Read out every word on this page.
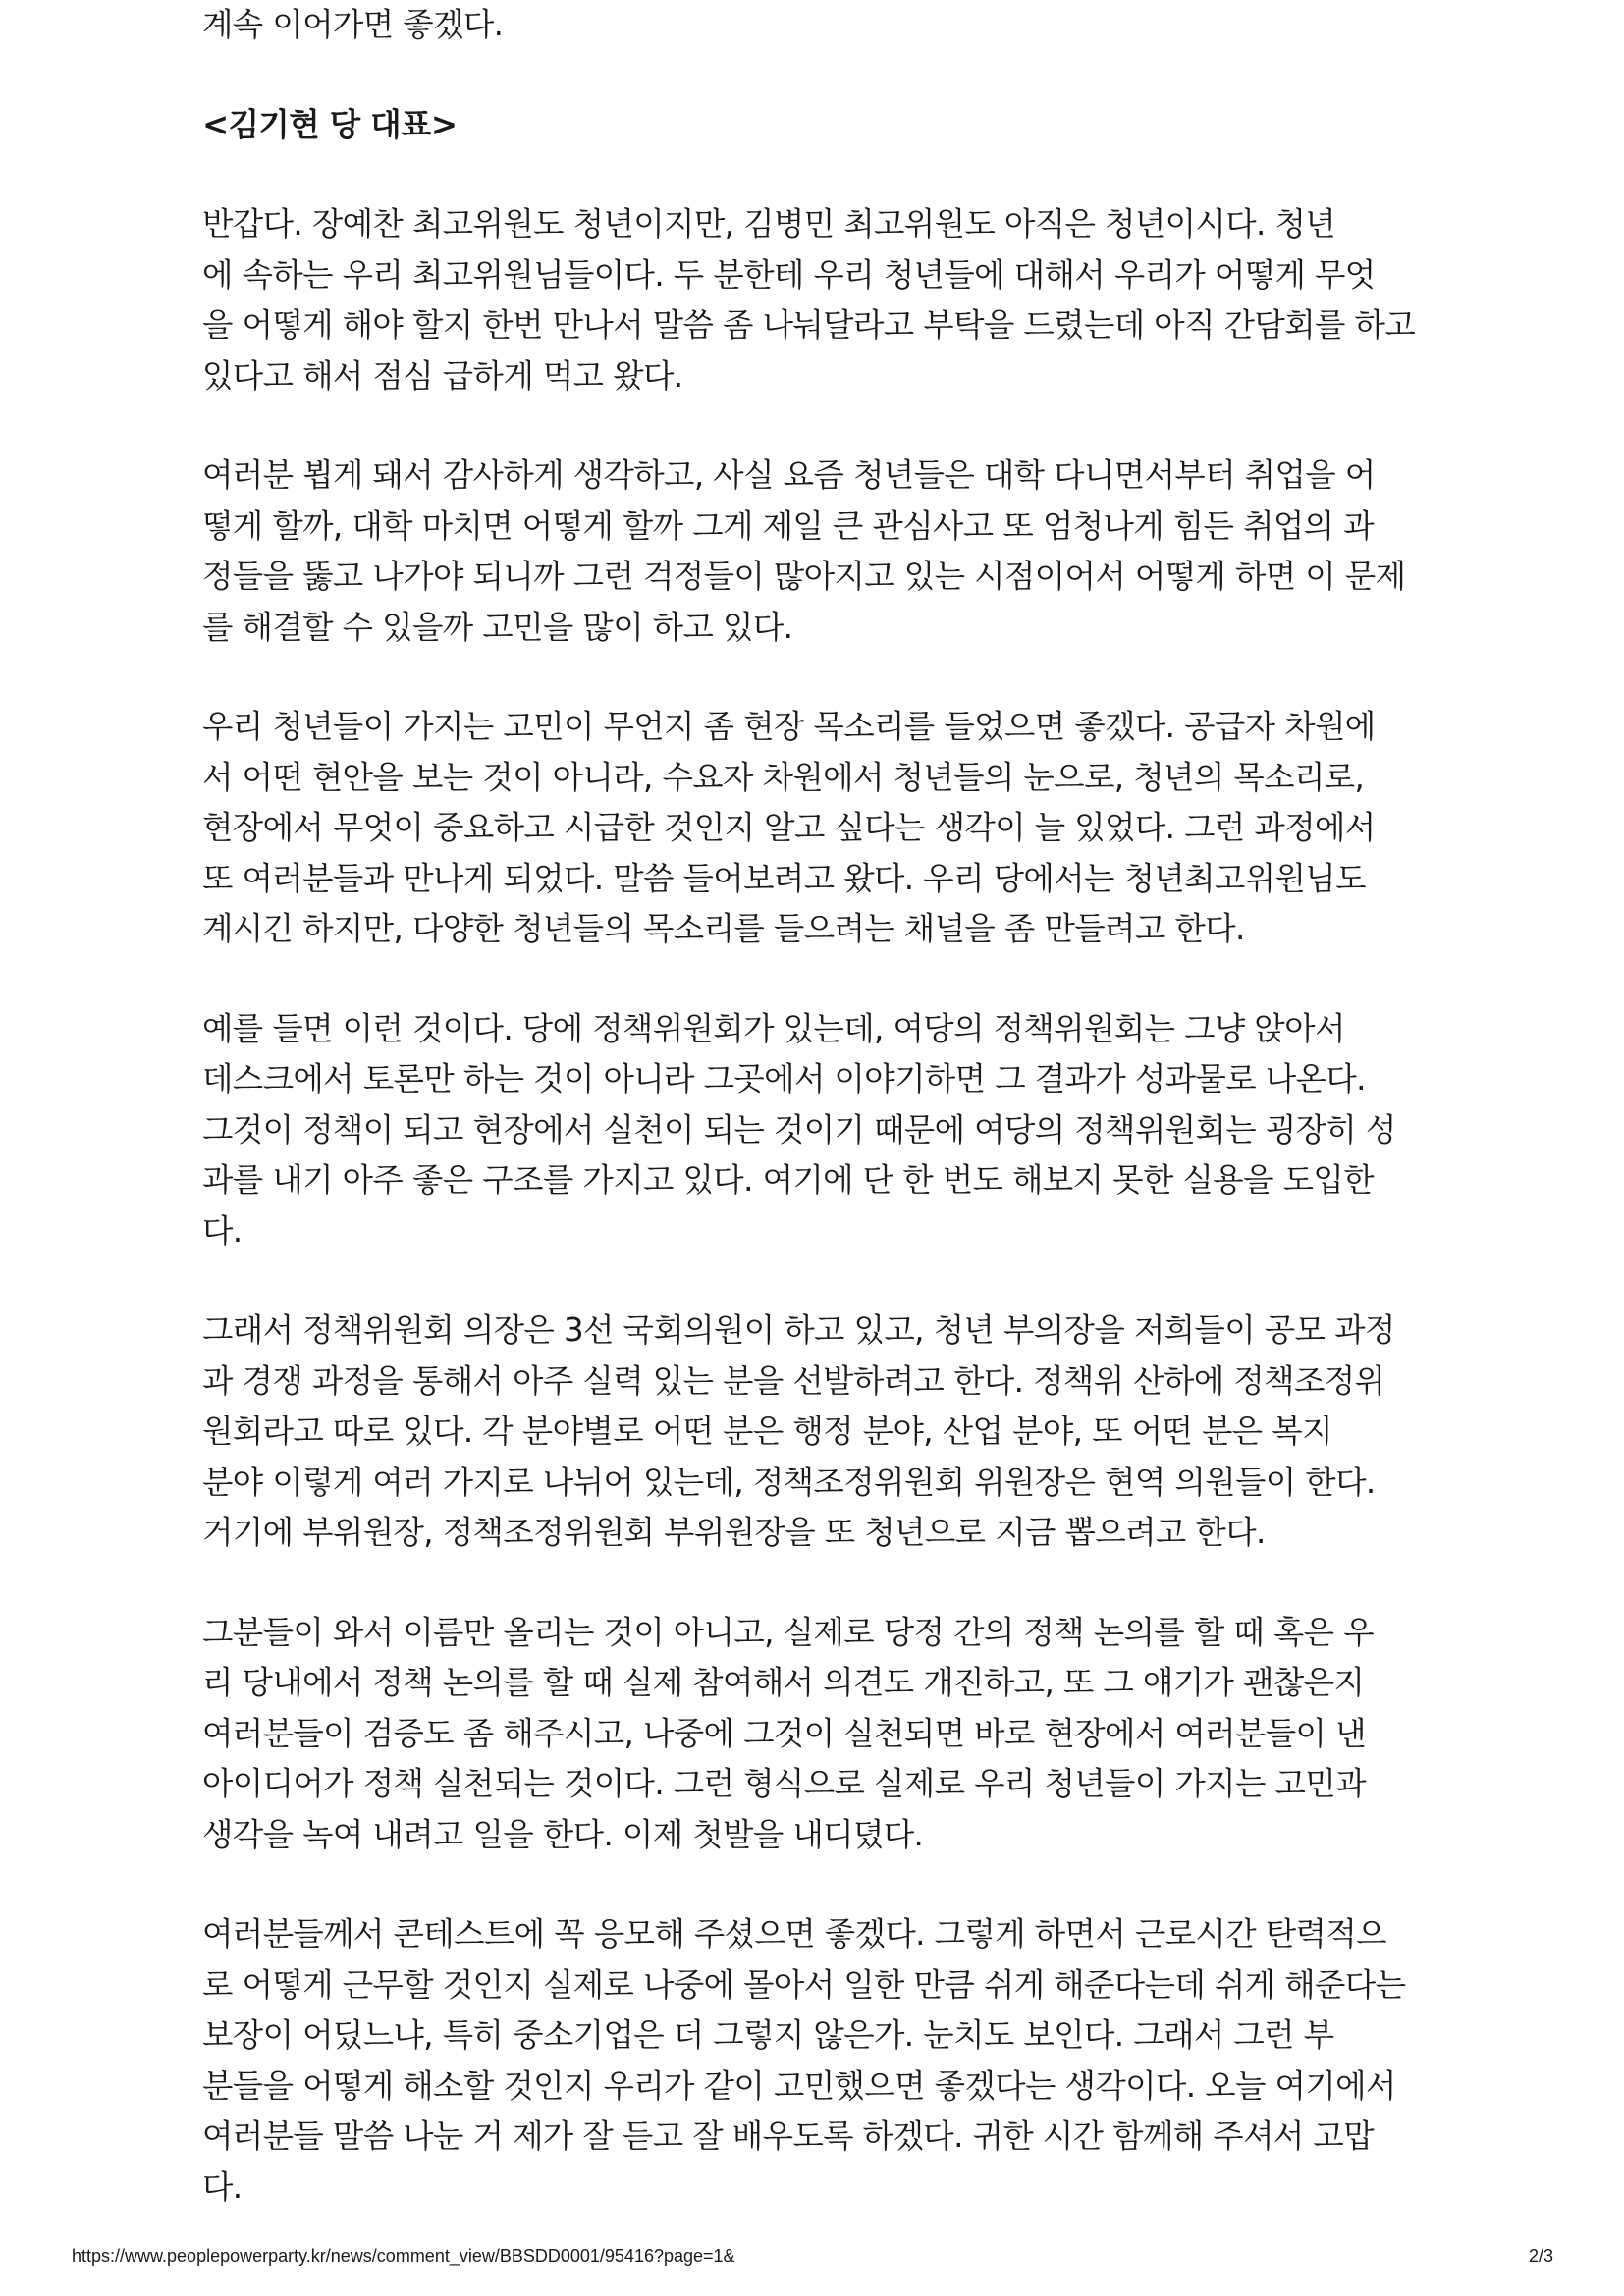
계속 이어가면 좋겠다.
<김기현 당 대표>
반갑다. 장예찬 최고위원도 청년이지만, 김병민 최고위원도 아직은 청년이시다. 청년
에 속하는 우리 최고위원님들이다. 두 분한테 우리 청년들에 대해서 우리가 어떻게 무엇
을 어떻게 해야 할지 한번 만나서 말씀 좀 나눠달라고 부탁을 드렸는데 아직 간담회를 하고
있다고 해서 점심 급하게 먹고 왔다.
여러분 뵙게 돼서 감사하게 생각하고, 사실 요즘 청년들은 대학 다니면서부터 취업을 어
떻게 할까, 대학 마치면 어떻게 할까 그게 제일 큰 관심사고 또 엄청나게 힘든 취업의 과
정들을 뚫고 나가야 되니까 그런 걱정들이 많아지고 있는 시점이어서 어떻게 하면 이 문제
를 해결할 수 있을까 고민을 많이 하고 있다.
우리 청년들이 가지는 고민이 무언지 좀 현장 목소리를 들었으면 좋겠다. 공급자 차원에
서 어떤 현안을 보는 것이 아니라, 수요자 차원에서 청년들의 눈으로, 청년의 목소리로,
현장에서 무엇이 중요하고 시급한 것인지 알고 싶다는 생각이 늘 있었다. 그런 과정에서
또 여러분들과 만나게 되었다. 말씀 들어보려고 왔다. 우리 당에서는 청년최고위원님도
계시긴 하지만, 다양한 청년들의 목소리를 들으려는 채널을 좀 만들려고 한다.
예를 들면 이런 것이다. 당에 정책위원회가 있는데, 여당의 정책위원회는 그냥 앉아서
데스크에서 토론만 하는 것이 아니라 그곳에서 이야기하면 그 결과가 성과물로 나온다.
그것이 정책이 되고 현장에서 실천이 되는 것이기 때문에 여당의 정책위원회는 굉장히 성
과를 내기 아주 좋은 구조를 가지고 있다. 여기에 단 한 번도 해보지 못한 실용을 도입한
다.
그래서 정책위원회 의장은 3선 국회의원이 하고 있고, 청년 부의장을 저희들이 공모 과정
과 경쟁 과정을 통해서 아주 실력 있는 분을 선발하려고 한다. 정책위 산하에 정책조정위
원회라고 따로 있다. 각 분야별로 어떤 분은 행정 분야, 산업 분야, 또 어떤 분은 복지
분야 이렇게 여러 가지로 나뉘어 있는데, 정책조정위원회 위원장은 현역 의원들이 한다.
거기에 부위원장, 정책조정위원회 부위원장을 또 청년으로 지금 뽑으려고 한다.
그분들이 와서 이름만 올리는 것이 아니고, 실제로 당정 간의 정책 논의를 할 때 혹은 우
리 당내에서 정책 논의를 할 때 실제 참여해서 의견도 개진하고, 또 그 얘기가 괜찮은지
여러분들이 검증도 좀 해주시고, 나중에 그것이 실천되면 바로 현장에서 여러분들이 낸
아이디어가 정책 실천되는 것이다. 그런 형식으로 실제로 우리 청년들이 가지는 고민과
생각을 녹여 내려고 일을 한다. 이제 첫발을 내디뎠다.
여러분들께서 콘테스트에 꼭 응모해 주셨으면 좋겠다. 그렇게 하면서 근로시간 탄력적으
로 어떻게 근무할 것인지 실제로 나중에 몰아서 일한 만큼 쉬게 해준다는데 쉬게 해준다는
보장이 어딨느냐, 특히 중소기업은 더 그렇지 않은가. 눈치도 보인다. 그래서 그런 부
분들을 어떻게 해소할 것인지 우리가 같이 고민했으면 좋겠다는 생각이다. 오늘 여기에서
여러분들 말씀 나눈 거 제가 잘 듣고 잘 배우도록 하겠다. 귀한 시간 함께해 주셔서 고맙
다.
https://www.peoplepowerparty.kr/news/comment_view/BBSDD0001/95416?page=1&	2/3
